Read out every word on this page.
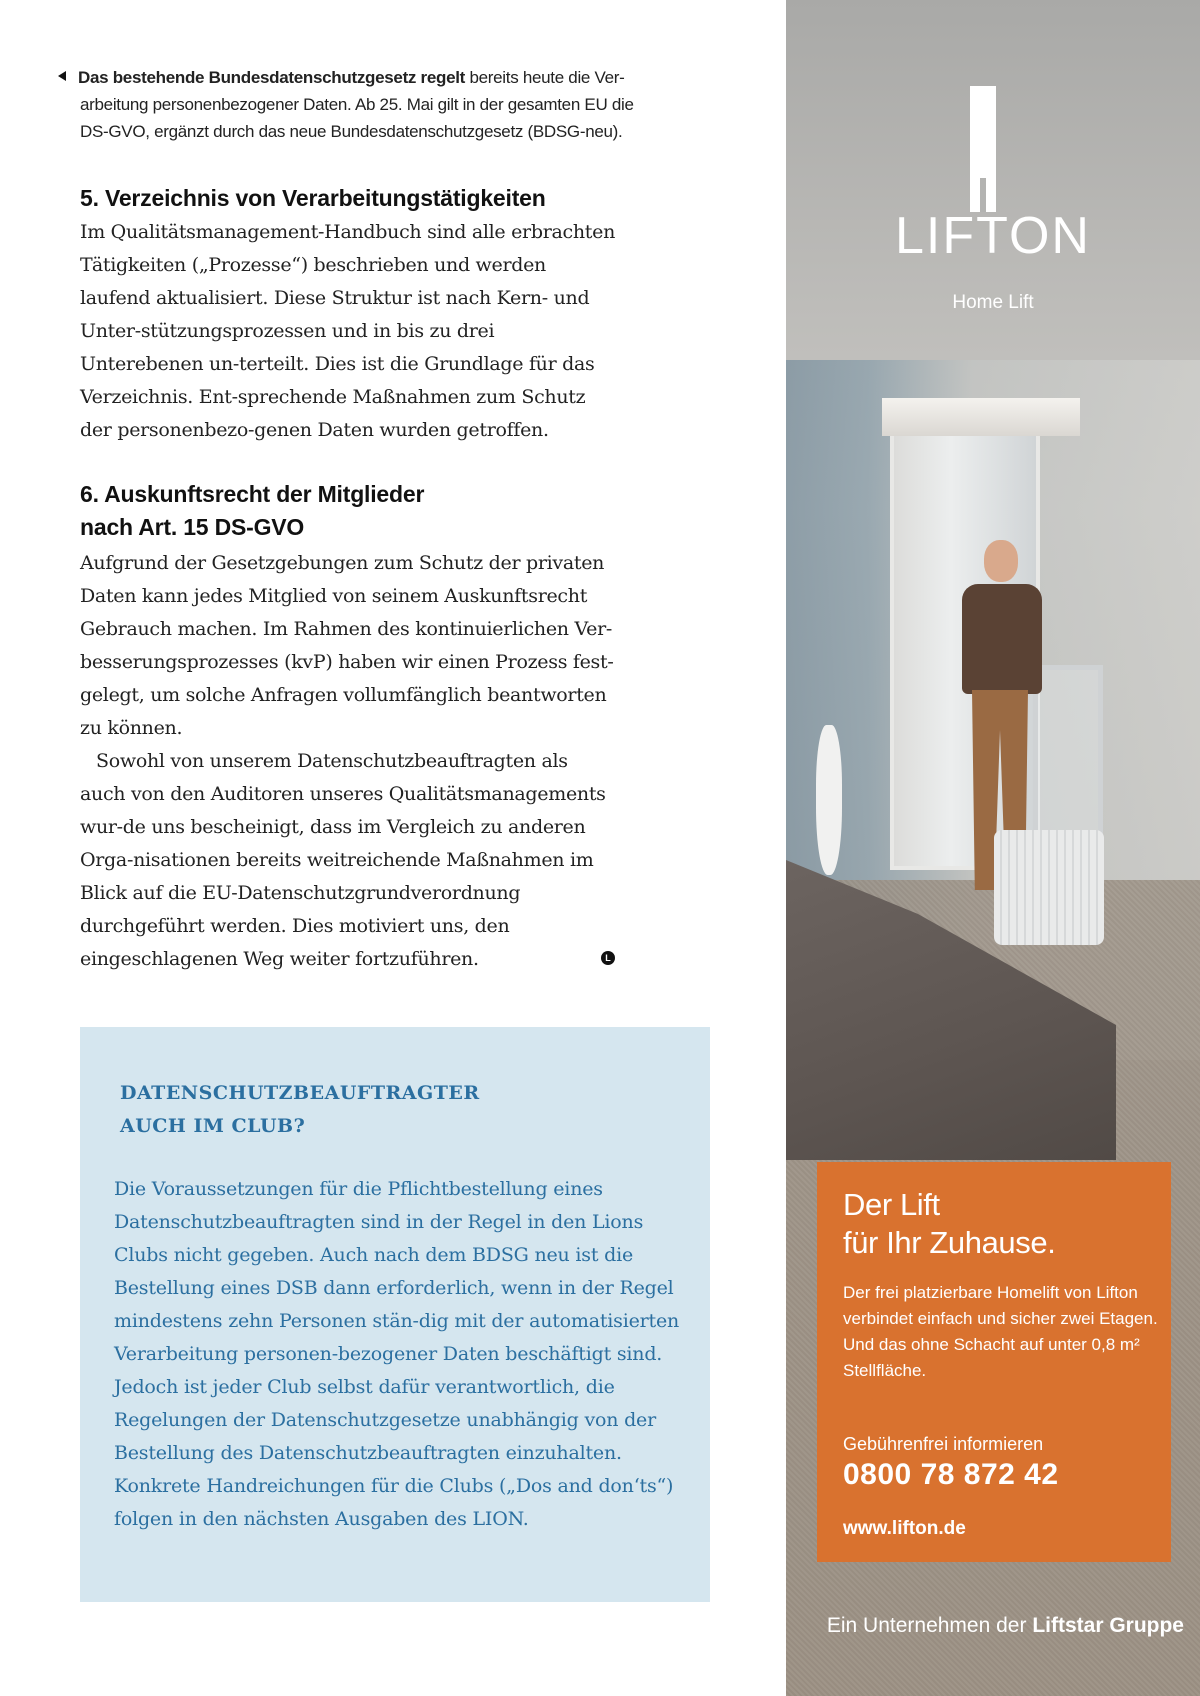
Das bestehende Bundesdatenschutzgesetz regelt bereits heute die Ver-
arbeitung personenbezogener Daten. Ab 25. Mai gilt in der gesamten EU die
DS-GVO, ergänzt durch das neue Bundesdatenschutzgesetz (BDSG-neu).
5. Verzeichnis von Verarbeitungstätigkeiten

Im Qualitätsmanagement-Handbuch sind alle erbrachten Tätigkeiten („Prozesse“) beschrieben und werden laufend aktualisiert. Diese Struktur ist nach Kern- und Unter-stützungsprozessen und in bis zu drei Unterebenen un-terteilt. Dies ist die Grundlage für das Verzeichnis. Ent-sprechende Maßnahmen zum Schutz der personenbezo-genen Daten wurden getroffen.

6. Auskunftsrecht der Mitglieder
nach Art. 15 DS-GVO

Aufgrund der Gesetzgebungen zum Schutz der privaten Daten kann jedes Mitglied von seinem Auskunftsrecht Gebrauch machen. Im Rahmen des kontinuierlichen Ver-besserungsprozesses (kvP) haben wir einen Prozess fest-gelegt, um solche Anfragen vollumfänglich beantworten zu können.

Sowohl von unserem Datenschutzbeauftragten als auch von den Auditoren unseres Qualitätsmanagements wur-de uns bescheinigt, dass im Vergleich zu anderen Orga-nisationen bereits weitreichende Maßnahmen im Blick auf die EU-Datenschutzgrundverordnung durchgeführt werden. Dies motiviert uns, den eingeschlagenen Weg weiter fortzuführen.	L
DATENSCHUTZBEAUFTRAGTER
AUCH IM CLUB?

Die Voraussetzungen für die Pflichtbestellung eines Datenschutzbeauftragten sind in der Regel in den Lions Clubs nicht gegeben. Auch nach dem BDSG neu ist die Bestellung eines DSB dann erforderlich, wenn in der Regel mindestens zehn Personen stän-dig mit der automatisierten Verarbeitung personen-bezogener Daten beschäftigt sind. Jedoch ist jeder Club selbst dafür verantwortlich, die Regelungen der Datenschutzgesetze unabhängig von der Bestellung des Datenschutzbeauftragten einzuhalten. Konkrete Handreichungen für die Clubs („Dos and don‘ts“) folgen in den nächsten Ausgaben des LION.

LIFTON
Home Lift
Der Lift
für Ihr Zuhause.
Der frei platzierbare Homelift von Lifton verbindet einfach und sicher zwei Etagen. Und das ohne Schacht auf unter 0,8 m² Stellfläche.
Gebührenfrei informieren
0800 78 872 42
www.lifton.de
Ein Unternehmen der Liftstar Gruppe
